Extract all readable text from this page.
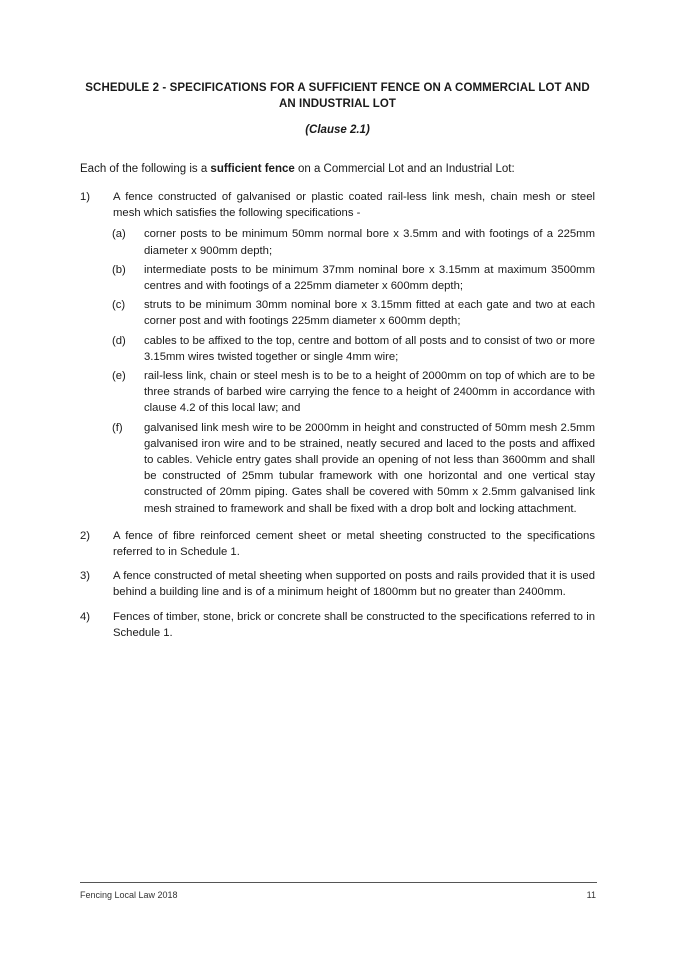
SCHEDULE 2 - SPECIFICATIONS FOR A SUFFICIENT FENCE ON A COMMERCIAL LOT AND AN INDUSTRIAL LOT
(Clause 2.1)
Each of the following is a sufficient fence on a Commercial Lot and an Industrial Lot:
1)	A fence constructed of galvanised or plastic coated rail-less link mesh, chain mesh or steel mesh which satisfies the following specifications -
(a)	corner posts to be minimum 50mm normal bore x 3.5mm and with footings of a 225mm diameter x 900mm depth;
(b)	intermediate posts to be minimum 37mm nominal bore x 3.15mm at maximum 3500mm centres and with footings of a 225mm diameter x 600mm depth;
(c)	struts to be minimum 30mm nominal bore x 3.15mm fitted at each gate and two at each corner post and with footings 225mm diameter x 600mm depth;
(d)	cables to be affixed to the top, centre and bottom of all posts and to consist of two or more 3.15mm wires twisted together or single 4mm wire;
(e)	rail-less link, chain or steel mesh is to be to a height of 2000mm on top of which are to be three strands of barbed wire carrying the fence to a height of 2400mm in accordance with clause 4.2 of this local law; and
(f)	galvanised link mesh wire to be 2000mm in height and constructed of 50mm mesh 2.5mm galvanised iron wire and to be strained, neatly secured and laced to the posts and affixed to cables. Vehicle entry gates shall provide an opening of not less than 3600mm and shall be constructed of 25mm tubular framework with one horizontal and one vertical stay constructed of 20mm piping. Gates shall be covered with 50mm x 2.5mm galvanised link mesh strained to framework and shall be fixed with a drop bolt and locking attachment.
2)	A fence of fibre reinforced cement sheet or metal sheeting constructed to the specifications referred to in Schedule 1.
3)	A fence constructed of metal sheeting when supported on posts and rails provided that it is used behind a building line and is of a minimum height of 1800mm but no greater than 2400mm.
4)	Fences of timber, stone, brick or concrete shall be constructed to the specifications referred to in Schedule 1.
Fencing Local Law 2018	11
